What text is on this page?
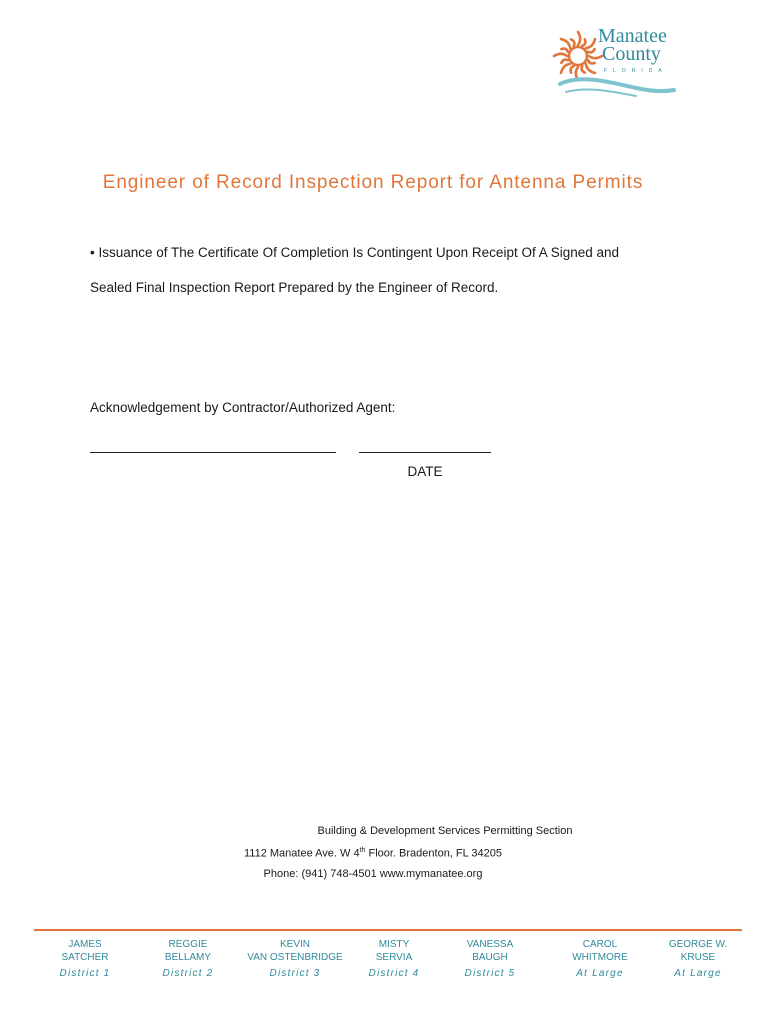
Manatee
County
FLORIDA
Engineer of Record Inspection Report for Antenna Permits
• Issuance of The Certificate Of Completion Is Contingent Upon Receipt Of A Signed and
Sealed Final Inspection Report Prepared by the Engineer of Record.
Acknowledgement by Contractor/Authorized Agent:
DATE
Building & Development Services Permitting Section
1112 Manatee Ave. W 4th Floor. Bradenton, FL 34205
Phone: (941) 748-4501 www.mymanatee.org
JAMES
SATCHER
District 1
REGGIE
BELLAMY
District 2
KEVIN
VAN OSTENBRIDGE
District 3
MISTY
SERVIA
District 4
VANESSA
BAUGH
District 5
CAROL
WHITMORE
At Large
GEORGE W.
KRUSE
At Large
